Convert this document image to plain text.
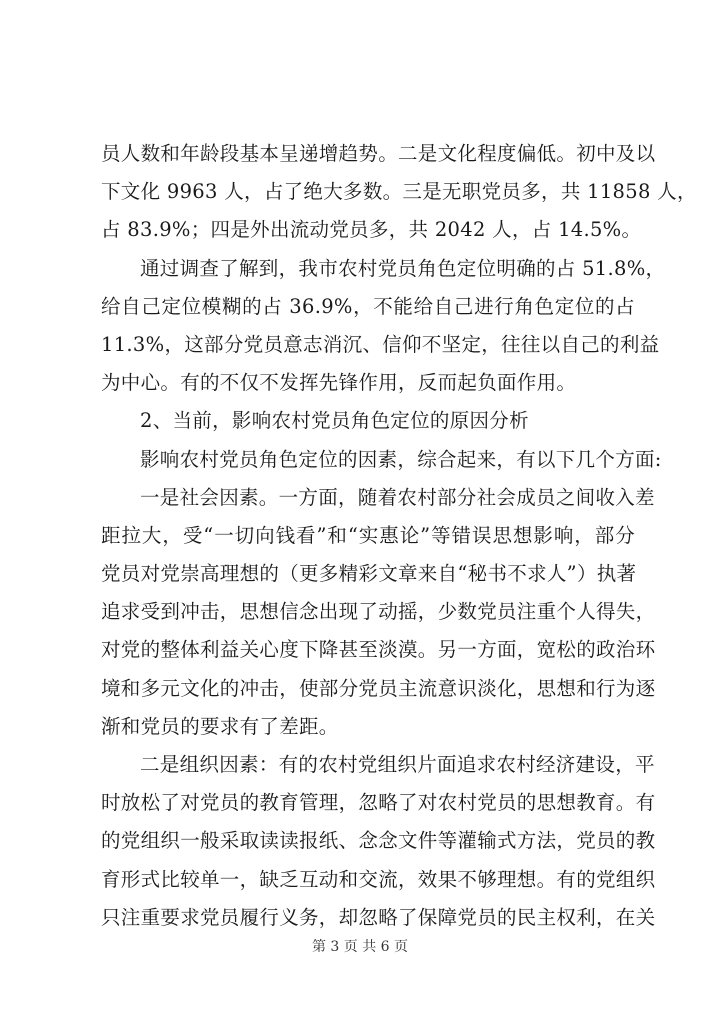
员人数和年龄段基本呈递增趋势。二是文化程度偏低。初中及以
下文化 9963 人，占了绝大多数。三是无职党员多，共 11858 人，
占 83.9%；四是外出流动党员多，共 2042 人，占 14.5%。
通过调查了解到，我市农村党员角色定位明确的占 51.8%，
给自己定位模糊的占 36.9%，不能给自己进行角色定位的占
11.3%，这部分党员意志消沉、信仰不坚定，往往以自己的利益
为中心。有的不仅不发挥先锋作用，反而起负面作用。
2、当前，影响农村党员角色定位的原因分析
影响农村党员角色定位的因素，综合起来，有以下几个方面:
一是社会因素。一方面，随着农村部分社会成员之间收入差
距拉大，受“一切向钱看”和“实惠论”等错误思想影响，部分
党员对党崇高理想的（更多精彩文章来自“秘书不求人”）执著
追求受到冲击，思想信念出现了动摇，少数党员注重个人得失，
对党的整体利益关心度下降甚至淡漠。另一方面，宽松的政治环
境和多元文化的冲击，使部分党员主流意识淡化，思想和行为逐
渐和党员的要求有了差距。
二是组织因素：有的农村党组织片面追求农村经济建设，平
时放松了对党员的教育管理，忽略了对农村党员的思想教育。有
的党组织一般采取读读报纸、念念文件等灌输式方法，党员的教
育形式比较单一，缺乏互动和交流，效果不够理想。有的党组织
只注重要求党员履行义务，却忽略了保障党员的民主权利，在关
第 3 页 共 6 页
